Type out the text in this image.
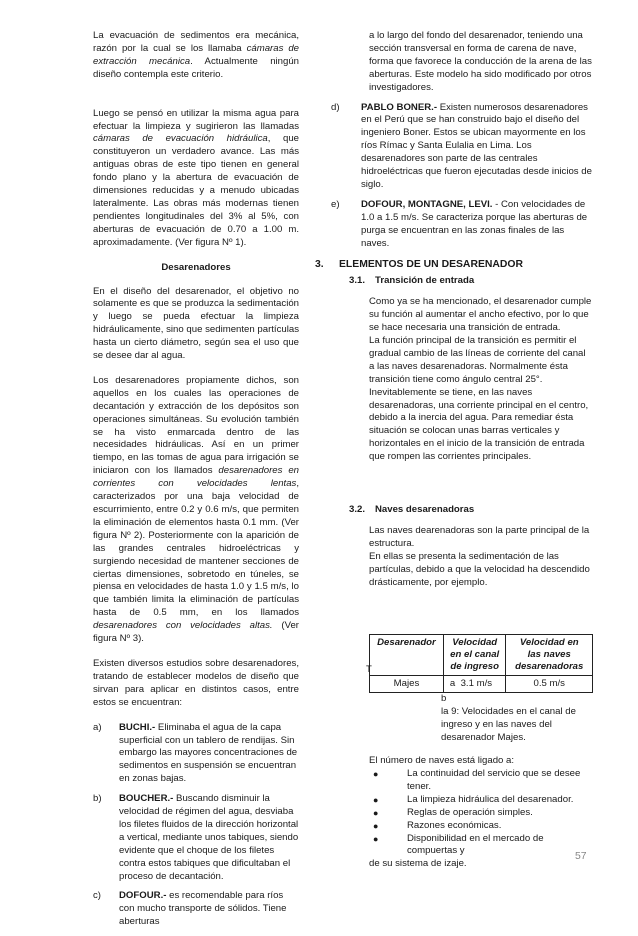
La evacuación de sedimentos era mecánica, razón por la cual se los llamaba cámaras de extracción mecánica. Actualmente ningún diseño contempla este criterio.

Luego se pensó en utilizar la misma agua para efectuar la limpieza y sugirieron las llamadas cámaras de evacuación hidráulica, que constituyeron un verdadero avance. Las más antiguas obras de este tipo tienen en general fondo plano y la abertura de evacuación de dimensiones reducidas y a menudo ubicadas lateralmente. Las obras más modernas tienen pendientes longitudinales del 3% al 5%, con aberturas de evacuación de 0.70 a 1.00 m. aproximadamente. (Ver figura Nº 1).

Desarenadores

En el diseño del desarenador, el objetivo no solamente es que se produzca la sedimentación y luego se pueda efectuar la limpieza hidráulicamente, sino que sedimenten partículas hasta un cierto diámetro, según sea el uso que se desee dar al agua.

Los desarenadores propiamente dichos, son aquellos en los cuales las operaciones de decantación y extracción de los depósitos son operaciones simultáneas. Su evolución también se ha visto enmarcada dentro de las necesidades hidráulicas. Así en un primer tiempo, en las tomas de agua para irrigación se iniciaron con los llamados desarenadores en corrientes con velocidades lentas, caracterizados por una baja velocidad de escurrimiento, entre 0.2 y 0.6 m/s, que permiten la eliminación de elementos hasta 0.1 mm. (Ver figura Nº 2). Posteriormente con la aparición de las grandes centrales hidroeléctricas y surgiendo necesidad de mantener secciones de ciertas dimensiones, sobretodo en túneles, se piensa en velocidades de hasta 1.0 y 1.5 m/s, lo que también limita la eliminación de partículas hasta de 0.5 mm, en los llamados desarenadores con velocidades altas. (Ver figura Nº 3).

Existen diversos estudios sobre desarenadores, tratando de establecer modelos de diseño que sirvan para aplicar en distintos casos, entre estos se encuentran:

a) BUCHI.- Eliminaba el agua de la capa superficial con un tablero de rendijas. Sin embargo las mayores concentraciones de sedimentos en suspensión se encuentran en zonas bajas.
b) BOUCHER.- Buscando disminuir la velocidad de régimen del agua, desviaba los filetes fluidos de la dirección horizontal a vertical, mediante unos tabiques, siendo evidente que el choque de los filetes contra estos tabiques que dificultaban el proceso de decantación.
c) DOFOUR.- es recomendable para ríos con mucho transporte de sólidos. Tiene aberturas
a lo largo del fondo del desarenador, teniendo una sección transversal en forma de carena de nave, forma que favorece la conducción de la arena de las aberturas. Este modelo ha sido modificado por otros investigadores.
d) PABLO BONER.- Existen numerosos desarenadores en el Perú que se han construido bajo el diseño del ingeniero Boner. Estos se ubican mayormente en los ríos Rímac y Santa Eulalia en Lima. Los desarenadores son parte de las centrales hidroeléctricas que fueron ejecutadas desde inicios de siglo.
e) DOFOUR, MONTAGNE, LEVI. - Con velocidades de 1.0 a 1.5 m/s. Se caracteriza porque las aberturas de purga se encuentran en las zonas finales de las naves.
3. ELEMENTOS DE UN DESARENADOR
3.1. Transición de entrada

Como ya se ha mencionado, el desarenador cumple su función al aumentar el ancho efectivo, por lo que se hace necesaria una transición de entrada.

La función principal de la transición es permitir el gradual cambio de las líneas de corriente del canal a las naves desarenadoras. Normalmente ésta transición tiene como ángulo central 25°.

Inevitablemente se tiene, en las naves desarenadoras, una corriente principal en el centro, debido a la inercia del agua. Para remediar ésta situación se colocan unas barras verticales y horizontales en el inicio de la transición de entrada que rompen las corrientes principales.

3.2. Naves desarenadoras

Las naves dearenadoras son la parte principal de la estructura.

En ellas se presenta la sedimentación de las partículas, debido a que la velocidad ha descendido drásticamente, por ejemplo.

T
Desarenador	Velocidad en el canal de ingreso	Velocidad en las naves desarenadoras
Majes	a 3.1 m/s	0.5 m/s
b
la 9: Velocidades en el canal de ingreso y en las naves del desarenador Majes.

El número de naves está ligado a:

●	La continuidad del servicio que se desee tener.
●	La limpieza hidráulica del desarenador.
●	Reglas de operación simples.
●	Razones económicas.
●	Disponibilidad en el mercado de compuertas y

de su sistema de izaje.

57
